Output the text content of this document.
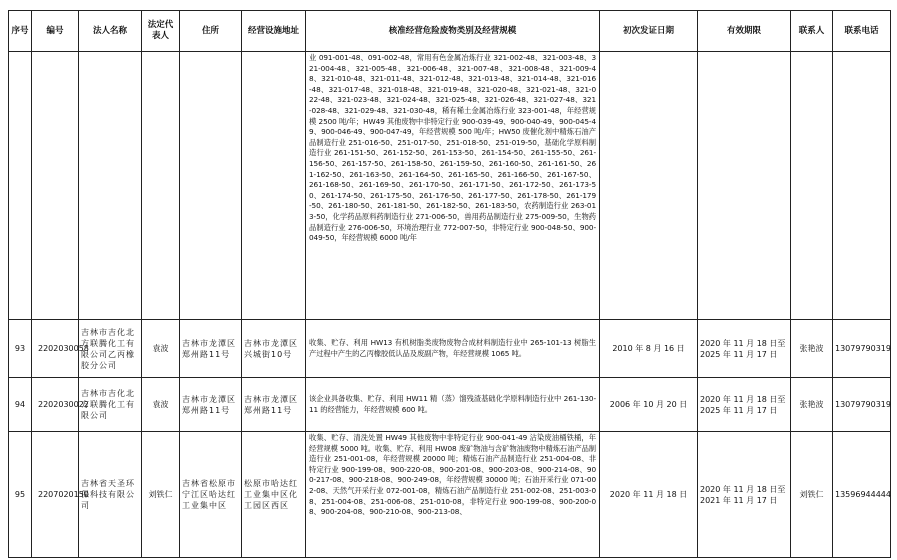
序号	编号	法人名称	法定代表人	住所	经营设施地址	核准经营危险废物类别及经营规模	初次发证日期	有效期限	联系人	联系电话
						业 091-001-48、091-002-48，常用有色金属冶炼行业 321-002-48、321-003-48、321-004-48、321-005-48、321-006-48、321-007-48、321-008-48、321-009-48、321-010-48、321-011-48、321-012-48、321-013-48、321-014-48、321-016-48、321-017-48、321-018-48、321-019-48、321-020-48、321-021-48、321-022-48、321-023-48、321-024-48、321-025-48、321-026-48、321-027-48、321-028-48、321-029-48、321-030-48，稀有稀土金属冶炼行业 323-001-48，年经营规模 2500 吨/年；HW49 其他废物中非特定行业 900-039-49、900-040-49、900-045-49、900-046-49、900-047-49，年经营规模 500 吨/年；HW50 废催化剂中精炼石油产品制造行业 251-016-50、251-017-50、251-018-50、251-019-50，基础化学原料制造行业 261-151-50、261-152-50、261-153-50、261-154-50、261-155-50、261-156-50、261-157-50、261-158-50、261-159-50、261-160-50、261-161-50、261-162-50、261-163-50、261-164-50、261-165-50、261-166-50、261-167-50、261-168-50、261-169-50、261-170-50、261-171-50、261-172-50、261-173-50、261-174-50、261-175-50、261-176-50、261-177-50、261-178-50、261-179-50、261-180-50、261-181-50、261-182-50、261-183-50，农药制造行业 263-013-50，化学药品原料药制造行业 271-006-50，兽用药品制造行业 275-009-50，生物药品制造行业 276-006-50，环境治理行业 772-007-50，非特定行业 900-048-50、900-049-50，年经营规模 6000 吨/年		

93	2202030058	吉林市吉化北方联腾化工有限公司乙丙橡胶分公司	袁波	吉林市龙潭区郑州路11号	吉林市龙潭区兴城街10号	收集、贮存、利用 HW13 有机树脂类废物废物合成材料制造行业中 265-101-13 树脂生产过程中产生的乙丙橡胶低认品及废副产物，年经营规模 1065 吨。	2010 年 8 月 16 日	2020 年 11 月 18 日至
2025 年 11 月 17 日	张艳波	13079790319
94	2202030022	吉林市吉化北方联腾化工有限公司	袁波	吉林市龙潭区郑州路11号	吉林市龙潭区郑州路11号	该企业具备收集、贮存、利用 HW11 精（蒸）馏残渣基础化学原料制造行业中 261-130-11 的经营能力，年经营规模 600 吨。	2006 年 10 月 20 日	2020 年 11 月 18 日至
2025 年 11 月 17 日	张艳波	13079790319
95	2207020150	吉林省天圣环保科技有限公司	刘铁仁	吉林省松原市宁江区哈达红工业集中区	松原市哈达红工业集中区化工园区西区	收集、贮存、清洗处置 HW49 其他废物中非特定行业 900-041-49 沾染废油桶铁桶，年经营规模 5000 吨。收集、贮存、利用 HW08 废矿物油与含矿物油废物中精炼石油产品制造行业 251-001-08，年经营规模 20000 吨；精炼石油产品制造行业 251-004-08、非特定行业 900-199-08、900-220-08、900-201-08、900-203-08、900-214-08、900-217-08、900-218-08、900-249-08，年经营规模 30000 吨；石油开采行业 071-002-08、天然气开采行业 072-001-08，精炼石油产品制造行业 251-002-08、251-003-08、251-004-08、251-006-08、251-010-08，非特定行业 900-199-08、900-200-08、900-204-08、900-210-08、900-213-08、	2020 年 11 月 18 日	2020 年 11 月 18 日至
2021 年 11 月 17 日	刘铁仁	13596944444
